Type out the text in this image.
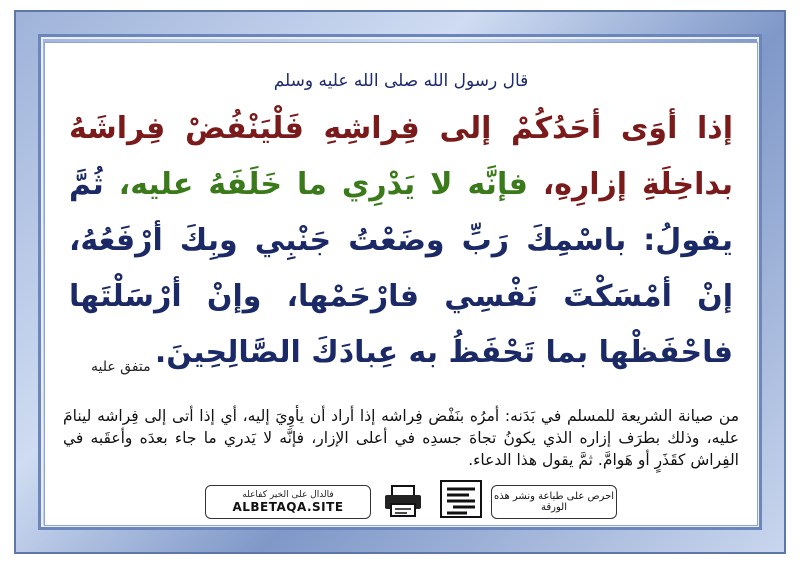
قال رسول الله صلى الله عليه وسلم
إذا أوَى أحَدُكُمْ إلى فِراشِهِ فَلْيَنْفُضْ فِراشَهُ بداخِلَةِ إزارِهِ، فإنَّه لا يَدْرِي ما خَلَفَهُ عليه، ثُمَّ يقولُ: باسْمِكَ رَبِّ وضَعْتُ جَنْبِي وبِكَ أرْفَعُهُ، إنْ أمْسَكْتَ نَفْسِي فارْحَمْها، وإنْ أرْسَلْتَها فاحْفَظْها بما تَحْفَظُ به عِبادَكَ الصَّالِحِينَ.
متفق عليه
من صيانة الشريعة للمسلم في بَدَنه: أمرُه بنَفْض فِراشه إذا أراد أن يأوِيَ إليه، أي إذا أتى إلى فِراشه لينامَ عليه، وذلك بطرَف إزاره الذي يكونُ تجاهَ جسدِه في أعلى الإزار، فإنَّه لا يَدري ما جاء بعدَه وأعقَبه في الفِراش كقَذَرٍ أو هَوامَّ. ثمَّ يقول هذا الدعاء.
فالدال على الخير كفاعله
ALBETAQA.SITE
احرص على طباعة ونشر هذه الورقة
